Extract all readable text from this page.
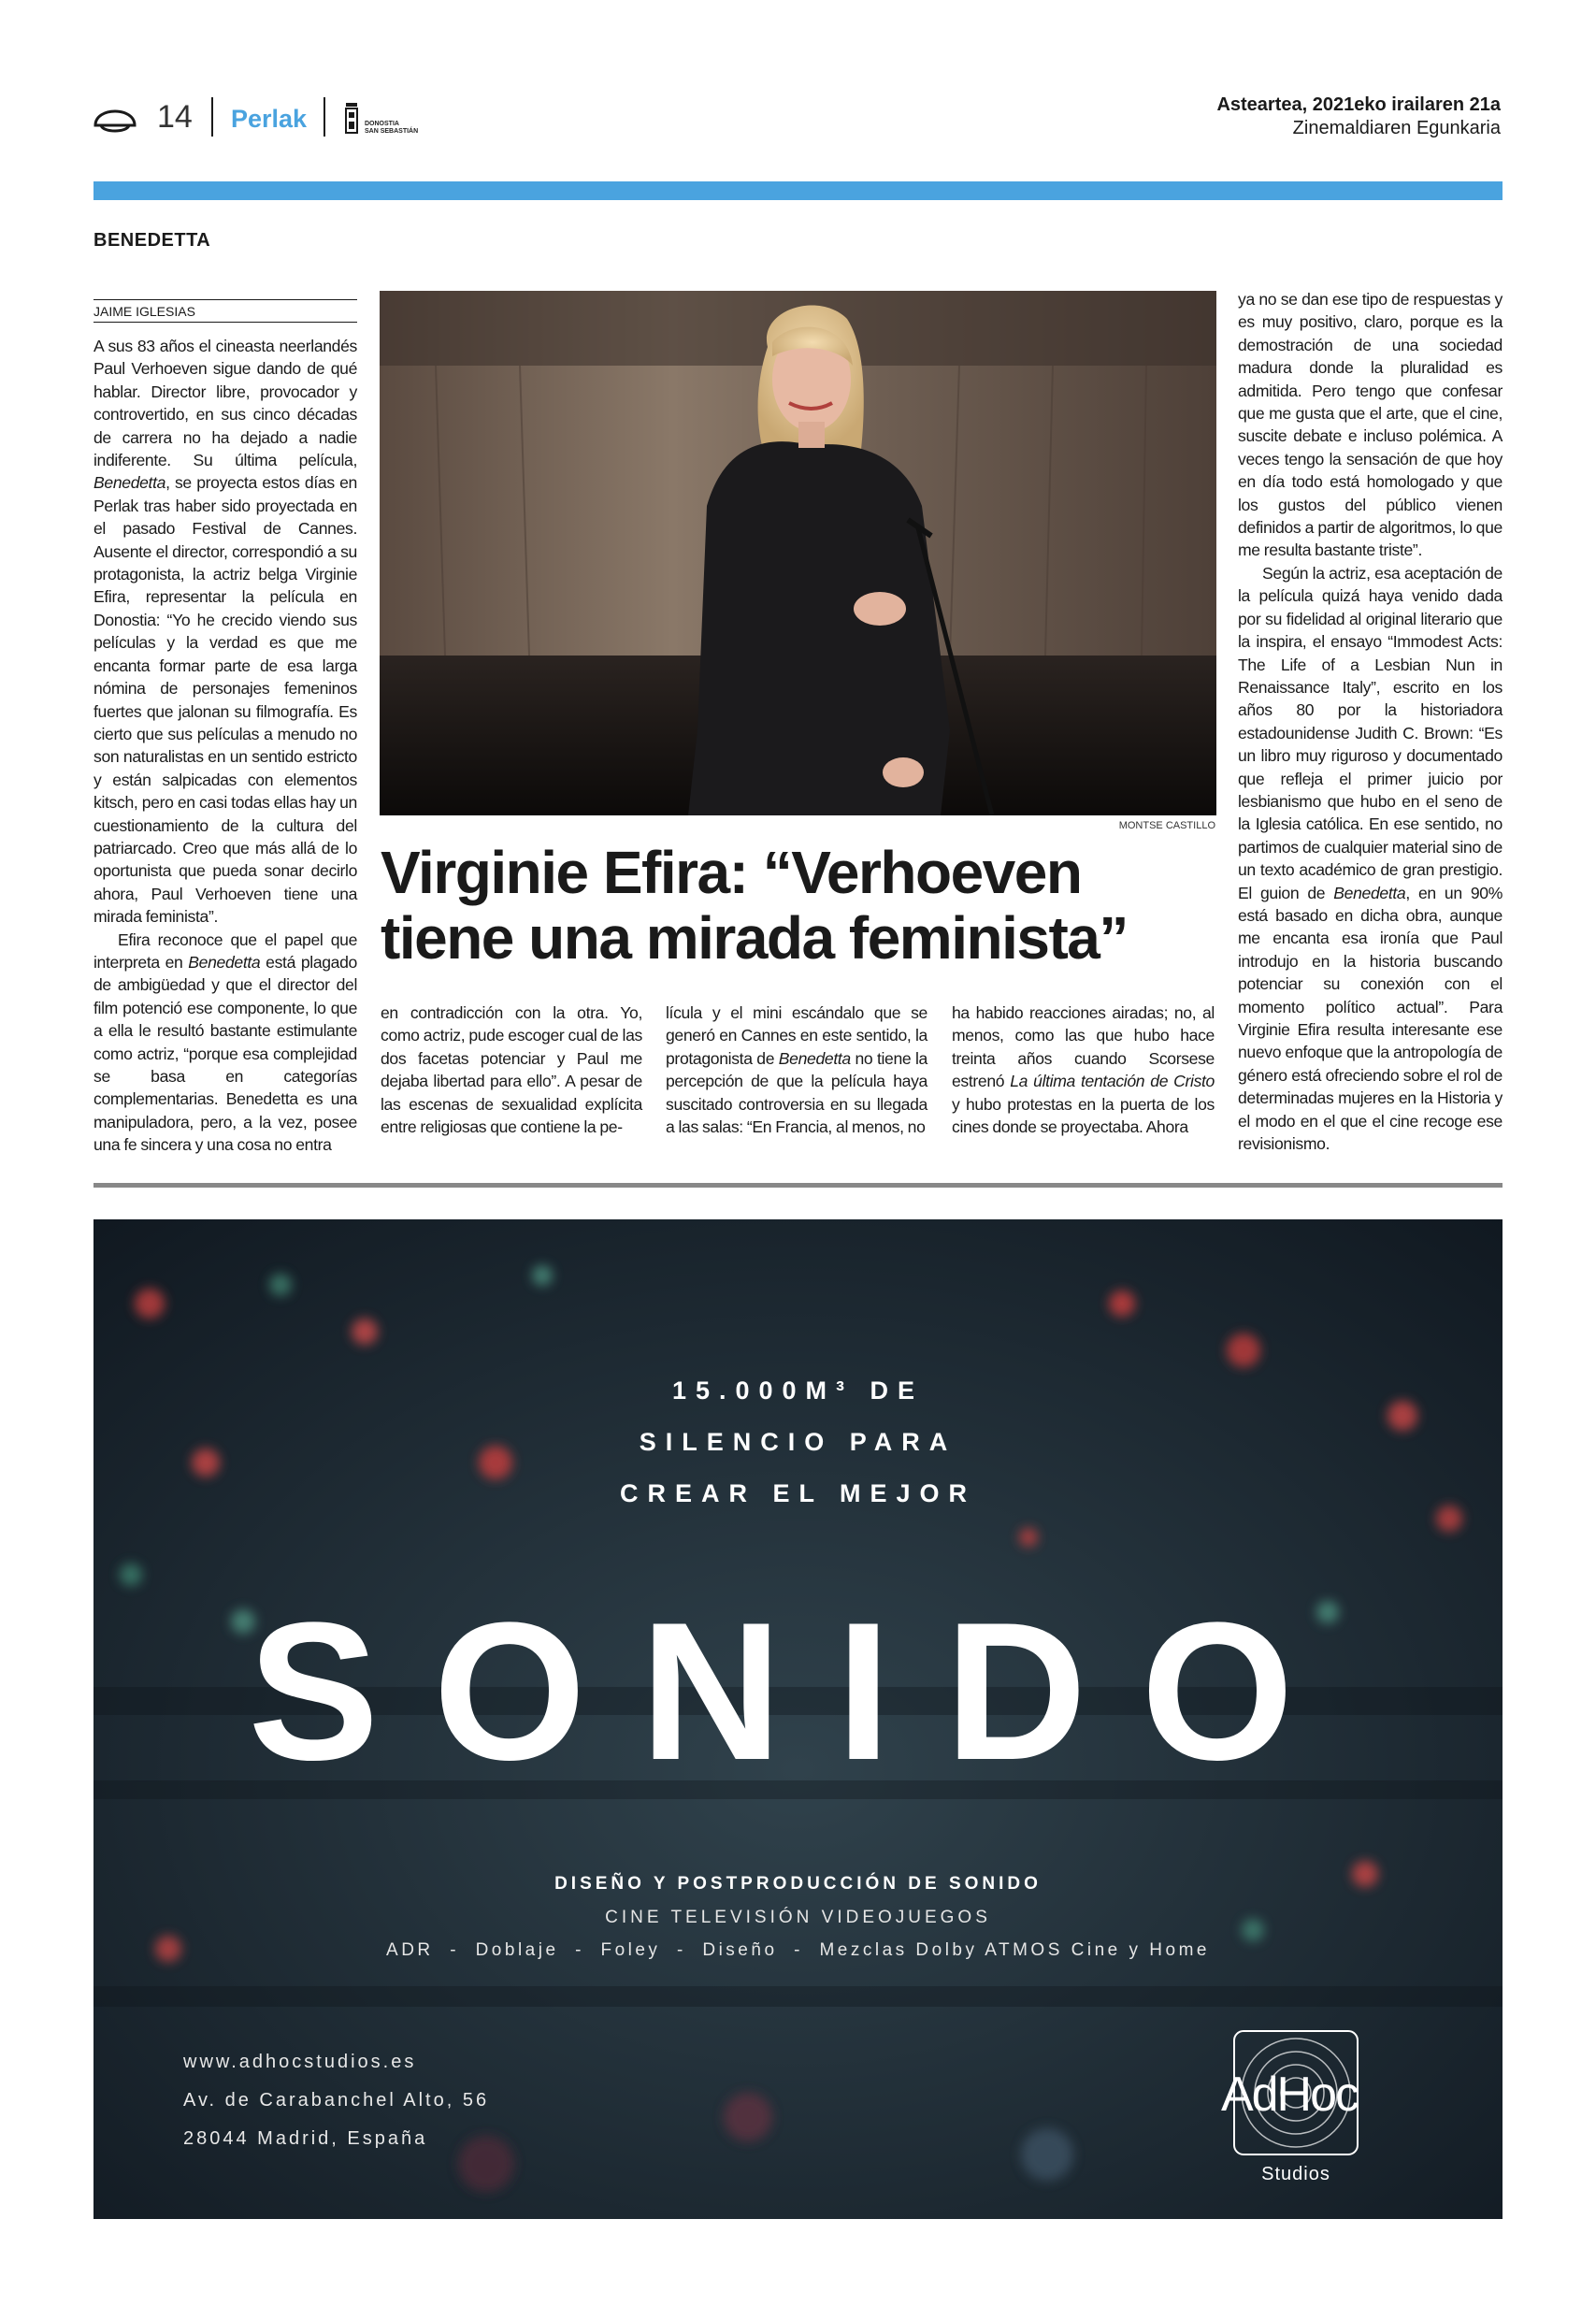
14 Perlak	DONOSTIA
SAN SEBASTIÁN
Asteartea, 2021eko irailaren 21a
Zinemaldiaren Egunkaria
BENEDETTA
JAIME IGLESIAS

A sus 83 años el cineasta neerlandés Paul Verhoeven sigue dando de qué hablar. Director libre, provocador y controvertido, en sus cinco décadas de carrera no ha dejado a nadie indiferente. Su última película, Benedetta, se proyecta estos días en Perlak tras haber sido proyectada en el pasado Festival de Cannes. Ausente el director, correspondió a su protagonista, la actriz belga Virginie Efira, representar la película en Donostia: “Yo he crecido viendo sus películas y la verdad es que me encanta formar parte de esa larga nómina de personajes femeninos fuertes que jalonan su filmografía. Es cierto que sus películas a menudo no son naturalistas en un sentido estricto y están salpicadas con elementos kitsch, pero en casi todas ellas hay un cuestionamiento de la cultura del patriarcado. Creo que más allá de lo oportunista que pueda sonar decirlo ahora, Paul Verhoeven tiene una mirada feminista”.

Efira reconoce que el papel que interpreta en Benedetta está plagado de ambigüedad y que el director del film potenció ese componente, lo que a ella le resultó bastante estimulante como actriz, “porque esa complejidad se basa en categorías complementarias. Benedetta es una manipuladora, pero, a la vez, posee una fe sincera y una cosa no entra

MONTSE CASTILLO
Virginie Efira: “Verhoeven
tiene una mirada feminista”

en contradicción con la otra. Yo, como actriz, pude escoger cual de las dos facetas potenciar y Paul me dejaba libertad para ello”. A pesar de las escenas de sexualidad explícita entre religiosas que contiene la pe-

lícula y el mini escándalo que se generó en Cannes en este sentido, la protagonista de Benedetta no tiene la percepción de que la película haya suscitado controversia en su llegada a las salas: “En Francia, al menos, no

ha habido reacciones airadas; no, al menos, como las que hubo hace treinta años cuando Scorsese estrenó La última tentación de Cristo y hubo protestas en la puerta de los cines donde se proyectaba. Ahora

ya no se dan ese tipo de respuestas y es muy positivo, claro, porque es la demostración de una sociedad madura donde la pluralidad es admitida. Pero tengo que confesar que me gusta que el arte, que el cine, suscite debate e incluso polémica. A veces tengo la sensación de que hoy en día todo está homologado y que los gustos del público vienen definidos a partir de algoritmos, lo que me resulta bastante triste”.

Según la actriz, esa aceptación de la película quizá haya venido dada por su fidelidad al original literario que la inspira, el ensayo “Immodest Acts: The Life of a Lesbian Nun in Renaissance Italy”, escrito en los años 80 por la historiadora estadounidense Judith C. Brown: “Es un libro muy riguroso y documentado que refleja el primer juicio por lesbianismo que hubo en el seno de la Iglesia católica. En ese sentido, no partimos de cualquier material sino de un texto académico de gran prestigio. El guion de Benedetta, en un 90% está basado en dicha obra, aunque me encanta esa ironía que Paul introdujo en la historia buscando potenciar su conexión con el momento político actual”. Para Virginie Efira resulta interesante ese nuevo enfoque que la antropología de género está ofreciendo sobre el rol de determinadas mujeres en la Historia y el modo en el que el cine recoge ese revisionismo.

15.000M³ DE
SILENCIO PARA
CREAR EL MEJOR
SONIDO
DISEÑO Y POSTPRODUCCIÓN DE SONIDO
CINE TELEVISIÓN VIDEOJUEGOS
ADR  -  Doblaje  -  Foley  -  Diseño  -  Mezclas Dolby ATMOS Cine y Home
www.adhocstudios.es
Av. de Carabanchel Alto, 56
28044 Madrid, España
AdHoc
Studios
